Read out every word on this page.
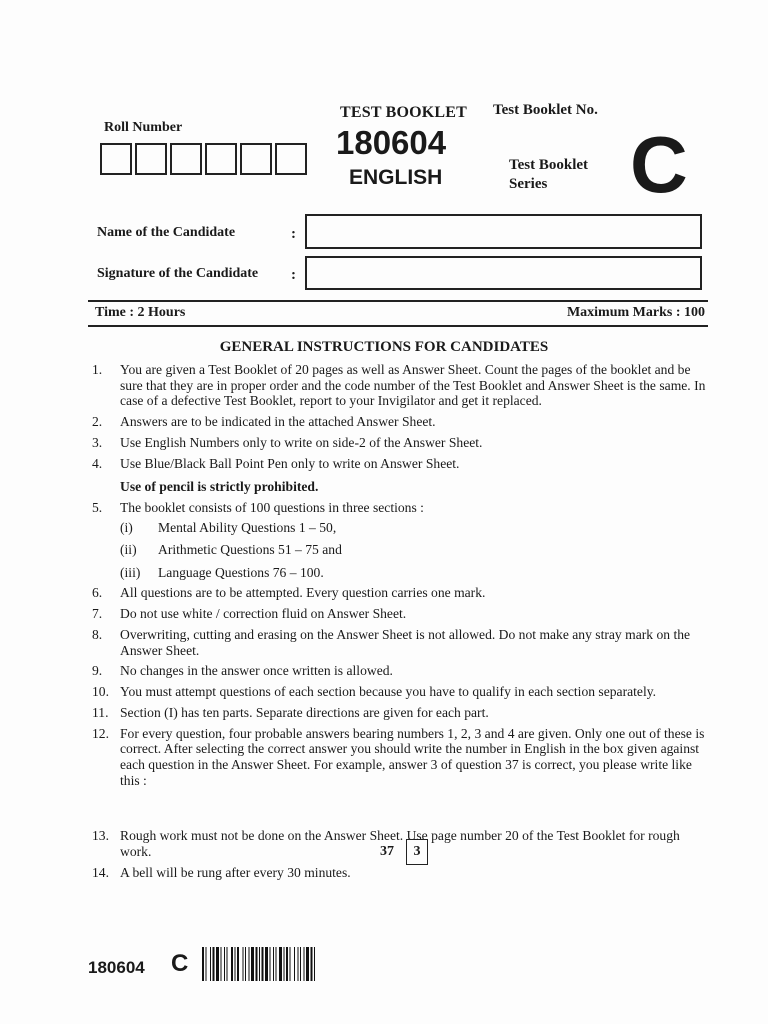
Roll Number
TEST BOOKLET
180604
ENGLISH
Test Booklet No.
Test Booklet Series	C
Name of the Candidate	:
Signature of the Candidate :
Time : 2 Hours	Maximum Marks : 100
GENERAL INSTRUCTIONS FOR CANDIDATES
1.	You are given a Test Booklet of 20 pages as well as Answer Sheet. Count the pages of the booklet and be sure that they are in proper order and the code number of the Test Booklet and Answer Sheet is the same. In case of a defective Test Booklet, report to your Invigilator and get it replaced.
2.	Answers are to be indicated in the attached Answer Sheet.
3.	Use English Numbers only to write on side-2 of the Answer Sheet.
4.	Use Blue/Black Ball Point Pen only to write on Answer Sheet.
Use of pencil is strictly prohibited.
5.	The booklet consists of 100 questions in three sections :
(i)	Mental Ability Questions 1 – 50,
(ii)	Arithmetic Questions 51 – 75 and
(iii)	Language Questions 76 – 100.
6.	All questions are to be attempted. Every question carries one mark.
7.	Do not use white / correction fluid on Answer Sheet.
8.	Overwriting, cutting and erasing on the Answer Sheet is not allowed. Do not make any stray mark on the Answer Sheet.
9.	No changes in the answer once written is allowed.
10. You must attempt questions of each section because you have to qualify in each section separately.
11. Section (I) has ten parts. Separate directions are given for each part.
12. For every question, four probable answers bearing numbers 1, 2, 3 and 4 are given. Only one out of these is correct. After selecting the correct answer you should write the number in English in the box given against each question in the Answer Sheet. For example, answer 3 of question 37 is correct, you please write like this :
13. Rough work must not be done on the Answer Sheet. Use page number 20 of the Test Booklet for rough work.
14. A bell will be rung after every 30 minutes.
37	3
180604 C
